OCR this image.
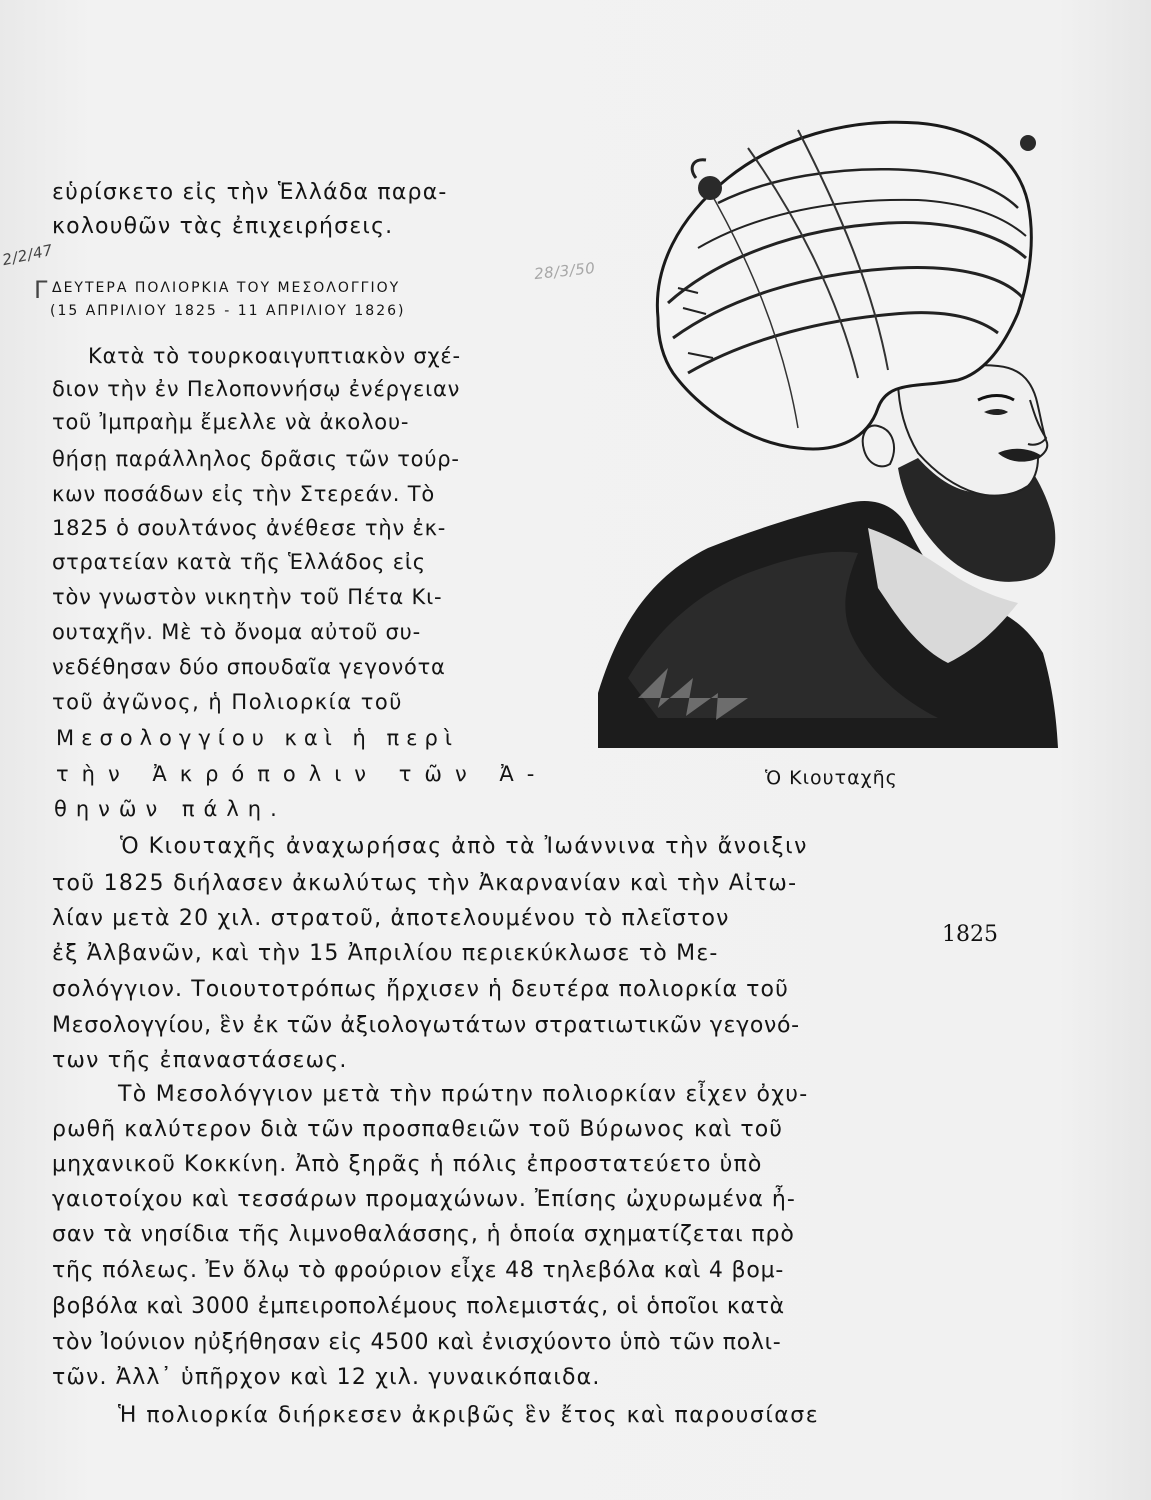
εὑρίσκετο εἰς τὴν Ἑλλάδα παρα-
κολουθῶν τὰς ἐπιχειρήσεις.
2/2/47
Γ
28/3/50
ΔΕΥΤΕΡΑ ΠΟΛΙΟΡΚΙΑ ΤΟΥ ΜΕΣΟΛΟΓΓΙΟΥ
(15 ΑΠΡΙΛΙΟΥ 1825 - 11 ΑΠΡΙΛΙΟΥ 1826)
Κατὰ τὸ τουρκοαιγυπτιακὸν σχέ-
διον τὴν ἐν Πελοποννήσῳ ἐνέργειαν
τοῦ Ἰμπραὴμ ἔμελλε νὰ ἀκολου-
θήσῃ παράλληλος δρᾶσις τῶν τούρ-
κων ποσάδων εἰς τὴν Στερεάν. Τὸ
1825 ὁ σουλτάνος ἀνέθεσε τὴν ἐκ-
στρατείαν κατὰ τῆς Ἑλλάδος εἰς
τὸν γνωστὸν νικητὴν τοῦ Πέτα Κι-
ουταχῆν. Μὲ τὸ ὄνομα αὐτοῦ συ-
νεδέθησαν δύο σπουδαῖα γεγονότα
τοῦ ἀγῶνος, ἡ Πολιορκία τοῦ
Μεσολογγίου καὶ ἡ περὶ
τὴν Ἀκρόπολιν τῶν Ἀ-
θηνῶν πάλη.
Ὁ Κιουταχῆς
Ὁ Κιουταχῆς ἀναχωρήσας ἀπὸ τὰ Ἰωάννινα τὴν ἄνοιξιν
τοῦ 1825 διήλασεν ἀκωλύτως τὴν Ἀκαρνανίαν καὶ τὴν Αἰτω-
λίαν μετὰ 20 χιλ. στρατοῦ, ἀποτελουμένου τὸ πλεῖστον
ἐξ Ἀλβανῶν, καὶ τὴν 15 Ἀπριλίου περιεκύκλωσε τὸ Με-
σολόγγιον. Τοιουτοτρόπως ἤρχισεν ἡ δευτέρα πολιορκία τοῦ
Μεσολογγίου, ἓν ἐκ τῶν ἀξιολογωτάτων στρατιωτικῶν γεγονό-
των τῆς ἐπαναστάσεως.
1825
Τὸ Μεσολόγγιον μετὰ τὴν πρώτην πολιορκίαν εἶχεν ὀχυ-
ρωθῆ καλύτερον διὰ τῶν προσπαθειῶν τοῦ Βύρωνος καὶ τοῦ
μηχανικοῦ Κοκκίνη. Ἀπὸ ξηρᾶς ἡ πόλις ἐπροστατεύετο ὑπὸ
γαιοτοίχου καὶ τεσσάρων προμαχώνων. Ἐπίσης ὠχυρωμένα ἦ-
σαν τὰ νησίδια τῆς λιμνοθαλάσσης, ἡ ὁποία σχηματίζεται πρὸ
τῆς πόλεως. Ἐν ὅλῳ τὸ φρούριον εἶχε 48 τηλεβόλα καὶ 4 βομ-
βοβόλα καὶ 3000 ἐμπειροπολέμους πολεμιστάς, οἱ ὁποῖοι κατὰ
τὸν Ἰούνιον ηὐξήθησαν εἰς 4500 καὶ ἐνισχύοντο ὑπὸ τῶν πολι-
τῶν. Ἀλλ᾽ ὑπῆρχον καὶ 12 χιλ. γυναικόπαιδα.
Ἡ πολιορκία διήρκεσεν ἀκριβῶς ἓν ἔτος καὶ παρουσίασε
